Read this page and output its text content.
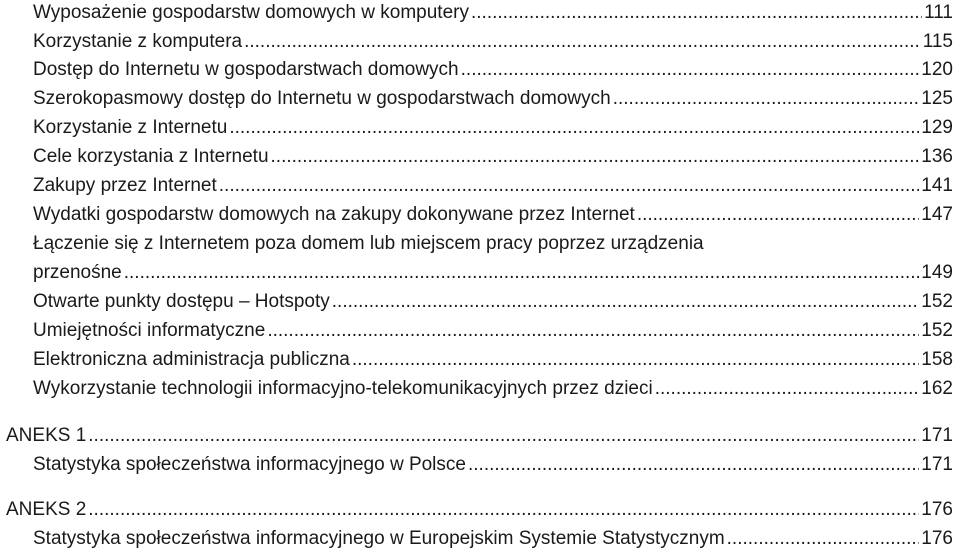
Wyposażenie gospodarstw domowych w komputery .....	111
Korzystanie z komputera .....	115
Dostęp do Internetu w gospodarstwach domowych .....	120
Szerokopasmowy dostęp do Internetu w gospodarstwach domowych .....	125
Korzystanie z Internetu .....	129
Cele korzystania z Internetu .....	136
Zakupy przez Internet .....	141
Wydatki gospodarstw domowych na zakupy dokonywane przez Internet .....	147
Łączenie się z Internetem poza domem lub miejscem pracy poprzez urządzenia
przenośne .....	149
Otwarte punkty dostępu – Hotspoty .....	152
Umiejętności informatyczne .....	152
Elektroniczna administracja publiczna .....	158
Wykorzystanie technologii informacyjno-telekomunikacyjnych przez dzieci .....	162
ANEKS 1 .....	171
Statystyka społeczeństwa informacyjnego w Polsce .....	171
ANEKS 2 .....	176
Statystyka społeczeństwa informacyjnego w Europejskim Systemie Statystycznym .....	176
